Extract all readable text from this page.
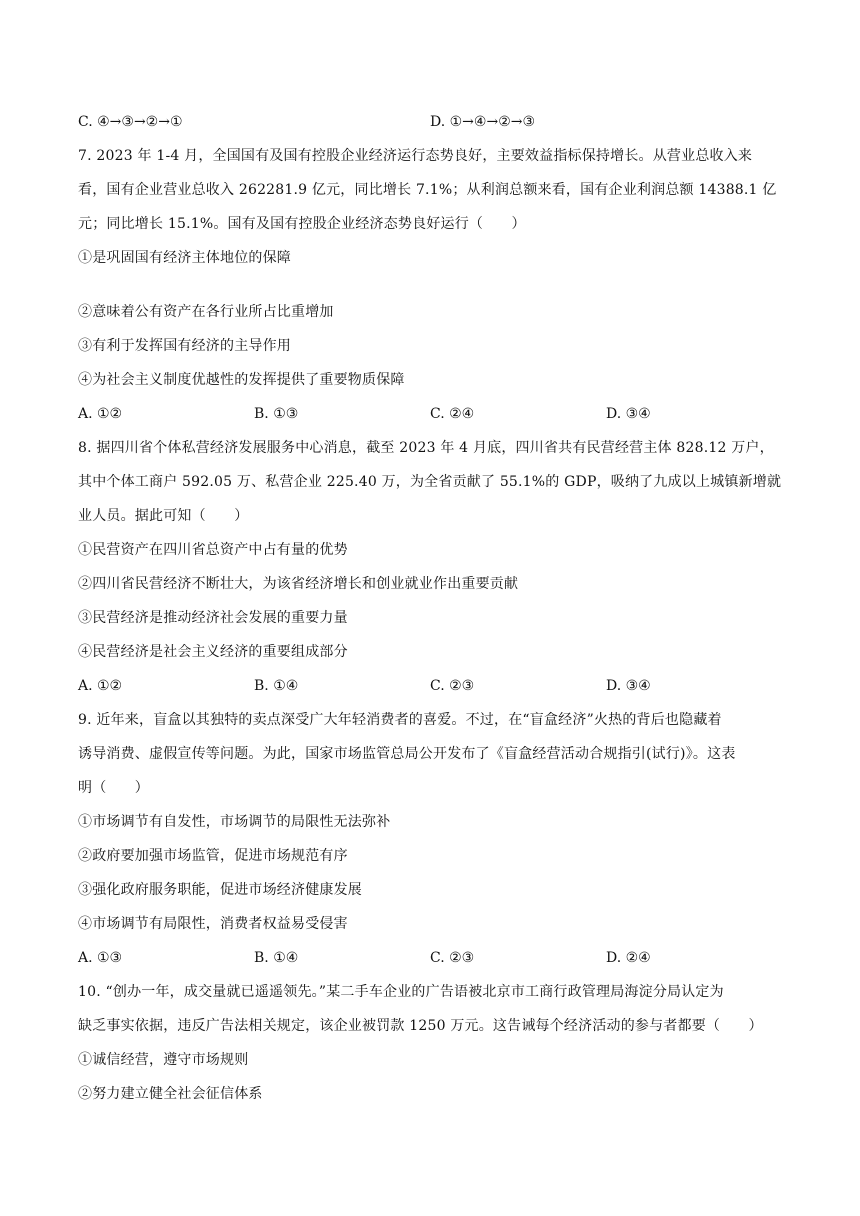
C. ④→③→②→①	D. ①→④→②→③
7. 2023 年 1-4 月，全国国有及国有控股企业经济运行态势良好，主要效益指标保持增长。从营业总收入来
看，国有企业营业总收入 262281.9 亿元，同比增长 7.1%；从利润总额来看，国有企业利润总额 14388.1 亿
元；同比增长 15.1%。国有及国有控股企业经济态势良好运行（　　）
①是巩固国有经济主体地位的保障
②意味着公有资产在各行业所占比重增加
③有利于发挥国有经济的主导作用
④为社会主义制度优越性的发挥提供了重要物质保障
A. ①②	B. ①③	C. ②④	D. ③④
8. 据四川省个体私营经济发展服务中心消息，截至 2023 年 4 月底，四川省共有民营经营主体 828.12 万户，
其中个体工商户 592.05 万、私营企业 225.40 万，为全省贡献了 55.1%的 GDP，吸纳了九成以上城镇新增就
业人员。据此可知（　　）
①民营资产在四川省总资产中占有量的优势
②四川省民营经济不断壮大，为该省经济增长和创业就业作出重要贡献
③民营经济是推动经济社会发展的重要力量
④民营经济是社会主义经济的重要组成部分
A. ①②	B. ①④	C. ②③	D. ③④
9. 近年来，盲盒以其独特的卖点深受广大年轻消费者的喜爱。不过，在“盲盒经济”火热的背后也隐藏着
诱导消费、虚假宣传等问题。为此，国家市场监管总局公开发布了《盲盒经营活动合规指引(试行)》。这表
明（　　）
①市场调节有自发性，市场调节的局限性无法弥补
②政府要加强市场监管，促进市场规范有序
③强化政府服务职能，促进市场经济健康发展
④市场调节有局限性，消费者权益易受侵害
A. ①③	B. ①④	C. ②③	D. ②④
10. “创办一年，成交量就已遥遥领先。”某二手车企业的广告语被北京市工商行政管理局海淀分局认定为
缺乏事实依据，违反广告法相关规定，该企业被罚款 1250 万元。这告诫每个经济活动的参与者都要（　　）
①诚信经营，遵守市场规则
②努力建立健全社会征信体系
